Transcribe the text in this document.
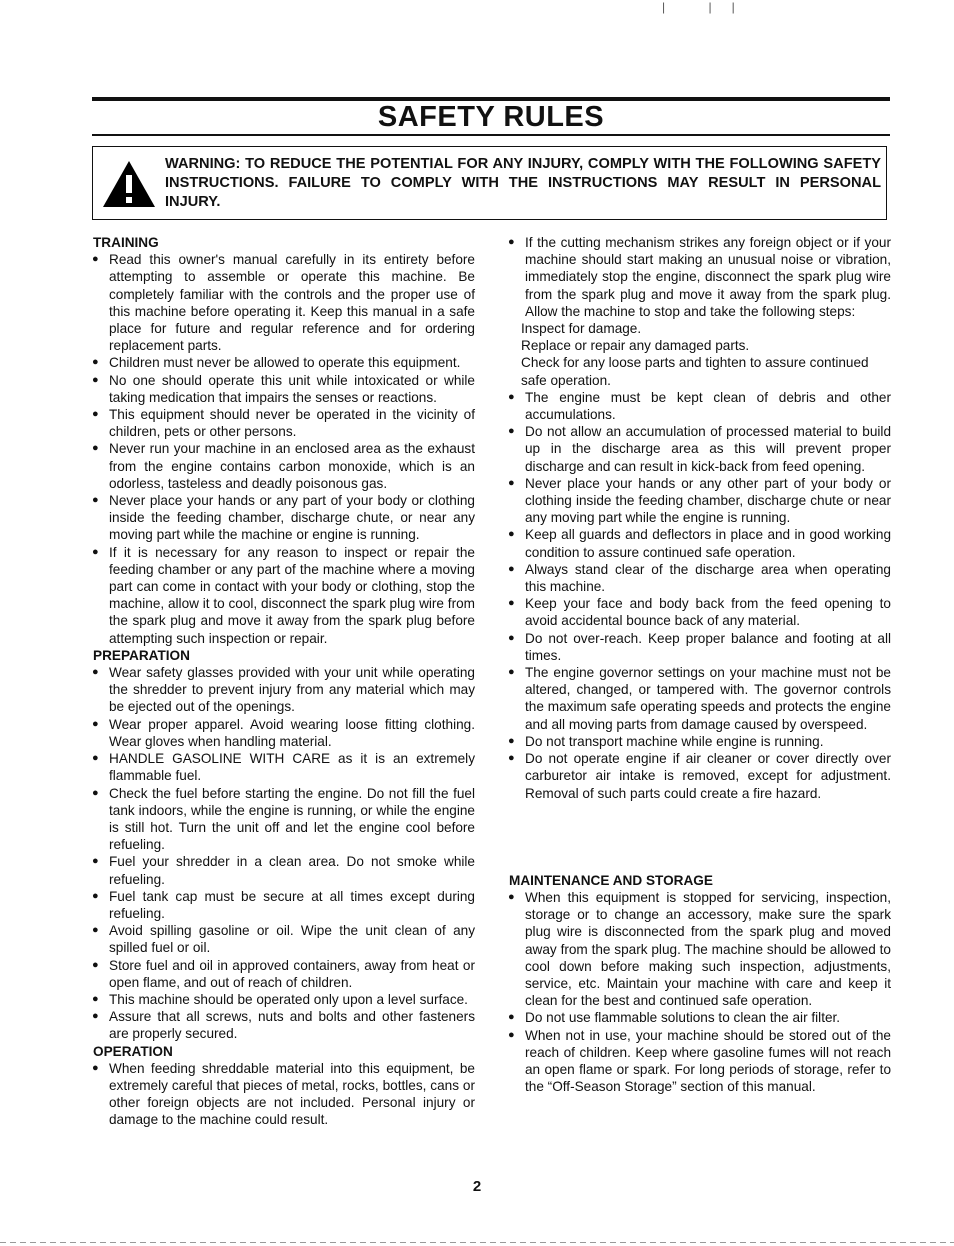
| ||
SAFETY RULES
WARNING: TO REDUCE THE POTENTIAL FOR ANY INJURY, COMPLY WITH THE FOLLOWING SAFETY INSTRUCTIONS. FAILURE TO COMPLY WITH THE INSTRUCTIONS MAY RESULT IN PERSONAL INJURY.
TRAINING
● Read this owner's manual carefully in its entirety before attempting to assemble or operate this machine. Be completely familiar with the controls and the proper use of this machine before operating it. Keep this manual in a safe place for future and regular reference and for ordering replacement parts.
● Children must never be allowed to operate this equipment.
● No one should operate this unit while intoxicated or while taking medication that impairs the senses or reactions.
● This equipment should never be operated in the vicinity of children, pets or other persons.
● Never run your machine in an enclosed area as the exhaust from the engine contains carbon monoxide, which is an odorless, tasteless and deadly poisonous gas.
● Never place your hands or any part of your body or clothing inside the feeding chamber, discharge chute, or near any moving part while the machine or engine is running.
● If it is necessary for any reason to inspect or repair the feeding chamber or any part of the machine where a moving part can come in contact with your body or clothing, stop the machine, allow it to cool, disconnect the spark plug wire from the spark plug and move it away from the spark plug before attempting such inspection or repair.
PREPARATION
● Wear safety glasses provided with your unit while operating the shredder to prevent injury from any material which may be ejected out of the openings.
● Wear proper apparel. Avoid wearing loose fitting clothing. Wear gloves when handling material.
● HANDLE GASOLINE WITH CARE as it is an extremely flammable fuel.
● Check the fuel before starting the engine. Do not fill the fuel tank indoors, while the engine is running, or while the engine is still hot. Turn the unit off and let the engine cool before refueling.
● Fuel your shredder in a clean area. Do not smoke while refueling.
● Fuel tank cap must be secure at all times except during refueling.
● Avoid spilling gasoline or oil. Wipe the unit clean of any spilled fuel or oil.
● Store fuel and oil in approved containers, away from heat or open flame, and out of reach of children.
● This machine should be operated only upon a level surface.
● Assure that all screws, nuts and bolts and other fasteners are properly secured.
OPERATION
● When feeding shreddable material into this equipment, be extremely careful that pieces of metal, rocks, bottles, cans or other foreign objects are not included. Personal injury or damage to the machine could result.
● If the cutting mechanism strikes any foreign object or if your machine should start making an unusual noise or vibration, immediately stop the engine, disconnect the spark plug wire from the spark plug and move it away from the spark plug. Allow the machine to stop and take the following steps:
Inspect for damage.
Replace or repair any damaged parts.
Check for any loose parts and tighten to assure continued safe operation.
● The engine must be kept clean of debris and other accumulations.
● Do not allow an accumulation of processed material to build up in the discharge area as this will prevent proper discharge and can result in kick-back from feed opening.
● Never place your hands or any other part of your body or clothing inside the feeding chamber, discharge chute or near any moving part while the engine is running.
● Keep all guards and deflectors in place and in good working condition to assure continued safe operation.
● Always stand clear of the discharge area when operating this machine.
● Keep your face and body back from the feed opening to avoid accidental bounce back of any material.
● Do not over-reach. Keep proper balance and footing at all times.
● The engine governor settings on your machine must not be altered, changed, or tampered with. The governor controls the maximum safe operating speeds and protects the engine and all moving parts from damage caused by overspeed.
● Do not transport machine while engine is running.
● Do not operate engine if air cleaner or cover directly over carburetor air intake is removed, except for adjustment. Removal of such parts could create a fire hazard.
MAINTENANCE AND STORAGE
● When this equipment is stopped for servicing, inspection, storage or to change an accessory, make sure the spark plug wire is disconnected from the spark plug and moved away from the spark plug. The machine should be allowed to cool down before making such inspection, adjustments, service, etc. Maintain your machine with care and keep it clean for the best and continued safe operation.
● Do not use flammable solutions to clean the air filter.
● When not in use, your machine should be stored out of the reach of children. Keep where gasoline fumes will not reach an open flame or spark. For long periods of storage, refer to the “Off-Season Storage” section of this manual.
2
